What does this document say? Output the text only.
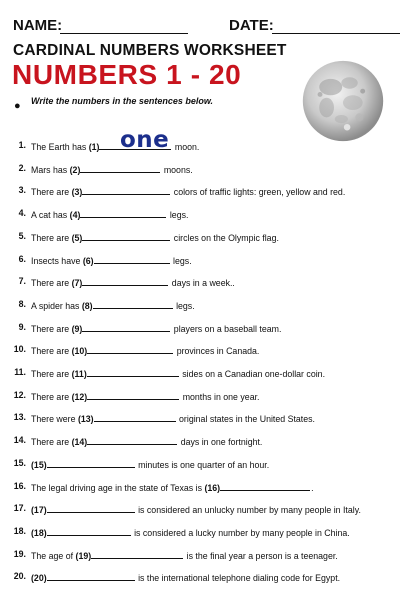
NAME:	DATE:
CARDINAL NUMBERS WORKSHEET
NUMBERS 1 - 20
● Write the numbers in the sentences below.
one
1. The Earth has (1)	moon.
2. Mars has (2)	moons.
3. There are (3)	colors of traffic lights: green, yellow and red.
4. A cat has (4)	legs.
5. There are (5)	circles on the Olympic flag.
6. Insects have (6)	legs.
7. There are (7)	days in a week..
8. A spider has (8)	legs.
9. There are (9)	players on a baseball team.
10. There are (10)	provinces in Canada.
11. There are (11)	sides on a Canadian one-dollar coin.
12. There are (12)	months in one year.
13. There were (13)	original states in the United States.
14. There are (14)	days in one fortnight.
15. (15)	minutes is one quarter of an hour.
16. The legal driving age in the state of Texas is (16)	.
17. (17)	is considered an unlucky number by many people in Italy.
18. (18)	is considered a lucky number by many people in China.
19. The age of (19)	is the final year a person is a teenager.
20. (20)	is the international telephone dialing code for Egypt.
